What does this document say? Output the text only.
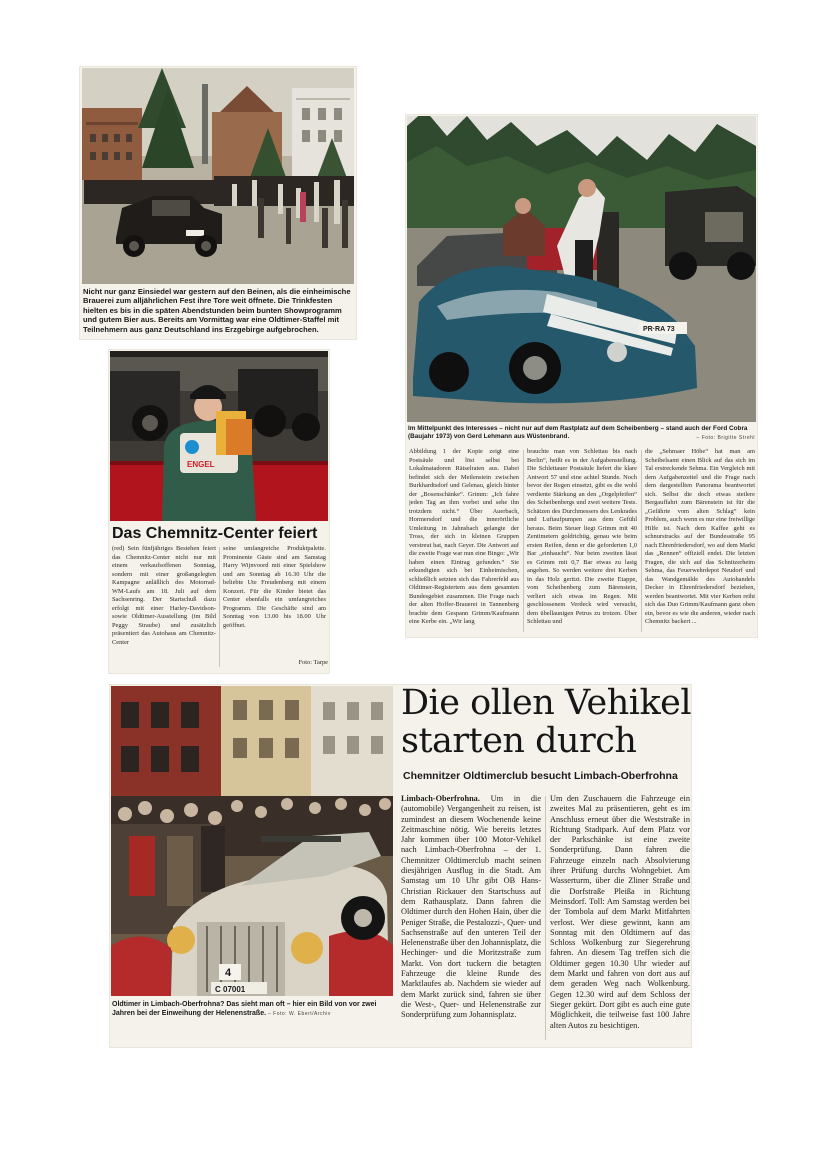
Nicht nur ganz Einsiedel war gestern auf den Beinen, als die einheimische Brauerei zum alljährlichen Fest ihre Tore weit öffnete. Die Trinkfesten hielten es bis in die späten Abendstunden beim bunten Showprogramm und gutem Bier aus. Bereits am Vormittag war eine Oldtimer-Staffel mit Teilnehmern aus ganz Deutschland ins Erzgebirge aufgebrochen.

ENGEL
Das Chemnitz-Center feiert

(red) Sein fünfjähriges Bestehen feiert das Chemnitz-Center nicht nur mit einem verkaufsoffenen Sonntag, sondern mit einer großangelegten Kampagne anläßlich des Motorrad-WM-Laufs am 18. Juli auf dem Sachsenring. Der Startschuß dazu erfolgt mit einer Harley-Davidson-sowie Oldtimer-Ausstellung (im Bild Peggy Straube) und zusätzlich präsentiert das Autohaus am Chemnitz-Center

seine umfangreiche Produktpalette. Prominente Gäste sind am Samstag Harry Wijnvoord mit einer Spielshow und am Sonntag ab 16.30 Uhr die beliebte Ute Freudenberg mit einem Konzert. Für die Kinder bietet das Center ebenfalls ein umfangreiches Programm. Die Geschäfte sind am Sonntag von 13.00 bis 18.00 Uhr geöffnet.

Foto: Tarpe

PR·RA 73

Im Mittelpunkt des Interesses – nicht nur auf dem Rastplatz auf dem Scheibenberg – stand auch der Ford Cobra (Baujahr 1973) von Gerd Lehmann aus Wüstenbrand.	– Foto: Brigitte Strehl

Abbildung 1 der Kopie zeigt eine Postsäule und löst selbst bei Lokalmatadoren Rätselraten aus. Dabei befindet sich der Meilenstein zwischen Burkhardtsdorf und Gelenau, gleich hinter der „Bosenschänke“. Grimm: „Ich fahre jeden Tag an ihm vorbei und sehe ihn trotzdem nicht.“ Über Auerbach, Hormersdorf und die innerörtliche Umleitung in Jahnsbach gelangte der Tross, der sich in kleinen Gruppen verstreut hat, nach Geyer. Die Antwort auf die zweite Frage war nun eine Bingo: „Wir haben einen Eintrag gefunden.“ Sie erkundigten sich bei Einheimischen, schließlich setzten sich das Fahrerfeld aus Oldtimer-Registertem aus dem gesamten Bundesgebiet zusammen. Die Frage nach der alten Hoffer-Brauerei in Tannenberg brachte dem Gespann Grimm/Kaufmann eine Kerbe ein. „Wir lang

brauchte man von Schlettau bis nach Berlin“, heißt es in der Aufgabenstellung. Die Schlettauer Postsäule liefert die klare Antwort 57 und eine achtel Stunde. Noch bevor der Regen einsetzt, gibt es die wohl verdiente Stärkung an den „Orgelpfeifen“ des Scheibenbergs und zwei weitere Tests. Schätzen des Durchmessers des Lenkrades und Luftaufpumpen aus dem Gefühl heraus. Beim Steuer liegt Grimm mit 40 Zentimetern goldrichtig, genau wie beim ersten Reifen, denn er die geforderten 1,0 Bar „einhaucht“. Nur beim zweiten lässt es Grimm mit 0,7 Bar etwas zu lasig angehen. So werden weitere drei Kerben in das Holz geritzt. Die zweite Etappe, vom Scheibenberg zum Bärenstein, verliert sich etwas im Regen. Mit geschlossenem Verdeck wird versucht, dem übellaunigen Petrus zu trotzen. Über Schlettau und

die „Sehmaer Höhe“ hat man am Scheibelsamt einen Blick auf das sich im Tal erstreckende Sehma. Ein Vergleich mit dem Aufgabenzettel und die Frage nach dem dargestellten Panorama beantwortet sich. Selbst die doch etwas steilere Bergauffahrt zum Bärenstein ist für die „Gefährte vom alten Schlag“ kein Problem, auch wenn es nur eine freiwillige Hilfe ist. Nach dem Kaffee geht es schnurstracks auf der Bundesstraße 95 nach Ehrenfriedersdorf, wo auf dem Markt das „Rennen“ offiziell endet. Die letzten Fragen, die sich auf das Schnitzerheim Sehma, das Feuerwehrdepot Neudorf und das Wandgemälde des Autohandels Decker in Ehrenfriedersdorf beziehen, werden beantwortet. Mit vier Kerben reiht sich das Duo Grimm/Kaufmann ganz oben ein, bevor es wie die anderen, wieder nach Chemnitz backert ...

4
C 07001
Die ollen Vehikel
starten durch

Chemnitzer Oldtimerclub besucht Limbach-Oberfrohna

Limbach-Oberfrohna. Um in die (automobile) Vergangenheit zu reisen, ist zumindest an diesem Wochenende keine Zeitmaschine nötig. Wie bereits letztes Jahr kommen über 100 Motor-Vehikel nach Limbach-Oberfrohna – der 1. Chemnitzer Oldtimerclub macht seinen diesjährigen Ausflug in die Stadt. Am Samstag um 10 Uhr gibt OB Hans-Christian Rickauer den Startschuss auf dem Rathausplatz. Dann fahren die Oldtimer durch den Hohen Hain, über die Peniger Straße, die Pestalozzi-, Quer- und Sachsenstraße auf den unteren Teil der Helenenstraße über den Johannisplatz, die Hechinger- und die Moritzstraße zum Markt. Von dort tuckern die betagten Fahrzeuge die kleine Runde des Marktlaufes ab. Nachdem sie wieder auf dem Markt zurück sind, fahren sie über die West-, Quer- und Helenenstraße zur Sonderprüfung zum Johannisplatz.

Um den Zuschauern die Fahrzeuge ein zweites Mal zu präsentieren, geht es im Anschluss erneut über die Weststraße in Richtung Stadtpark. Auf dem Platz vor der Parkschänke ist eine zweite Sonderprüfung. Dann fahren die Fahrzeuge einzeln nach Absolvierung ihrer Prüfung durchs Wohngebiet. Am Wasserturm, über die Zliner Straße und die Dorfstraße Pleißa in Richtung Meinsdorf. Toll: Am Samstag werden bei der Tombola auf dem Markt Mitfahrten verlost. Wer diese gewinnt, kann am Sonntag mit den Oldtimern auf das Schloss Wolkenburg zur Siegerehrung fahren. An diesem Tag treffen sich die Oldtimer gegen 10.30 Uhr wieder auf dem Markt und fahren von dort aus auf dem geraden Weg nach Wolkenburg. Gegen 12.30 wird auf dem Schloss der Sieger gekürt. Dort gibt es auch eine gute Möglichkeit, die teilweise fast 100 Jahre alten Autos zu besichtigen.

Oldtimer in Limbach-Oberfrohna? Das sieht man oft – hier ein Bild von vor zwei Jahren bei der Einweihung der Helenenstraße. – Foto: W. Ebert/Archiv
